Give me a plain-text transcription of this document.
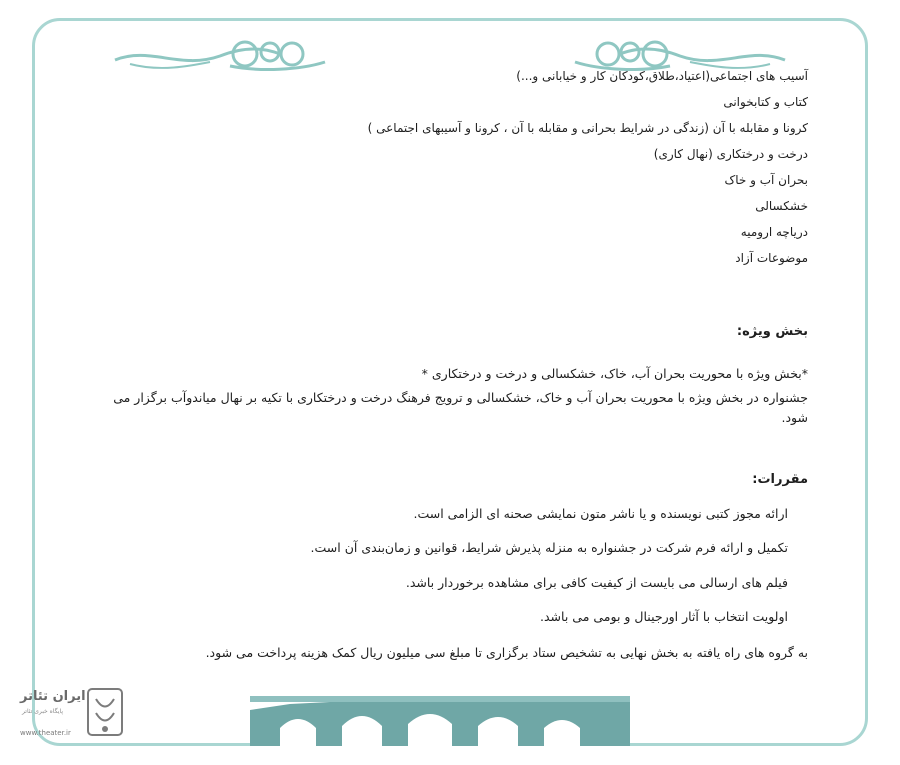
آسیب های اجتماعی(اعتیاد،طلاق،کودکان کار و خیابانی و...)

کتاب و کتابخوانی

کرونا و مقابله با آن (زندگی در شرایط بحرانی و مقابله با آن ، کرونا و آسیبهای اجتماعی )

درخت و درختکاری (نهال کاری)

بحران آب و خاک

خشکسالی

دریاچه ارومیه

موضوعات آزاد

بخش ویژه:

*بخش ویژه با محوریت بحران آب، خاک، خشکسالی و درخت و درختکاری *

جشنواره در بخش ویژه با محوریت بحران آب و خاک، خشکسالی و ترویج فرهنگ درخت و درختکاری با تکیه بر نهال میاندوآب برگزار می شود.

مقررات:

ارائه مجوز کتبی نویسنده و یا ناشر متون نمایشی صحنه ای الزامی است.

تکمیل و ارائه فرم شرکت در جشنواره به منزله پذیرش شرایط، قوانین و زمان‌بندی آن است.

فیلم های ارسالی می بایست از کیفیت کافی برای مشاهده برخوردار باشد.

اولویت انتخاب با آثار اورجینال و بومی می باشد.

به گروه های راه یافته به بخش نهایی به تشخیص ستاد برگزاری تا مبلغ سی میلیون ریال کمک هزینه پرداخت می شود.

ایران تئاتر
پایگاه خبری تئاتر
www.theater.ir
